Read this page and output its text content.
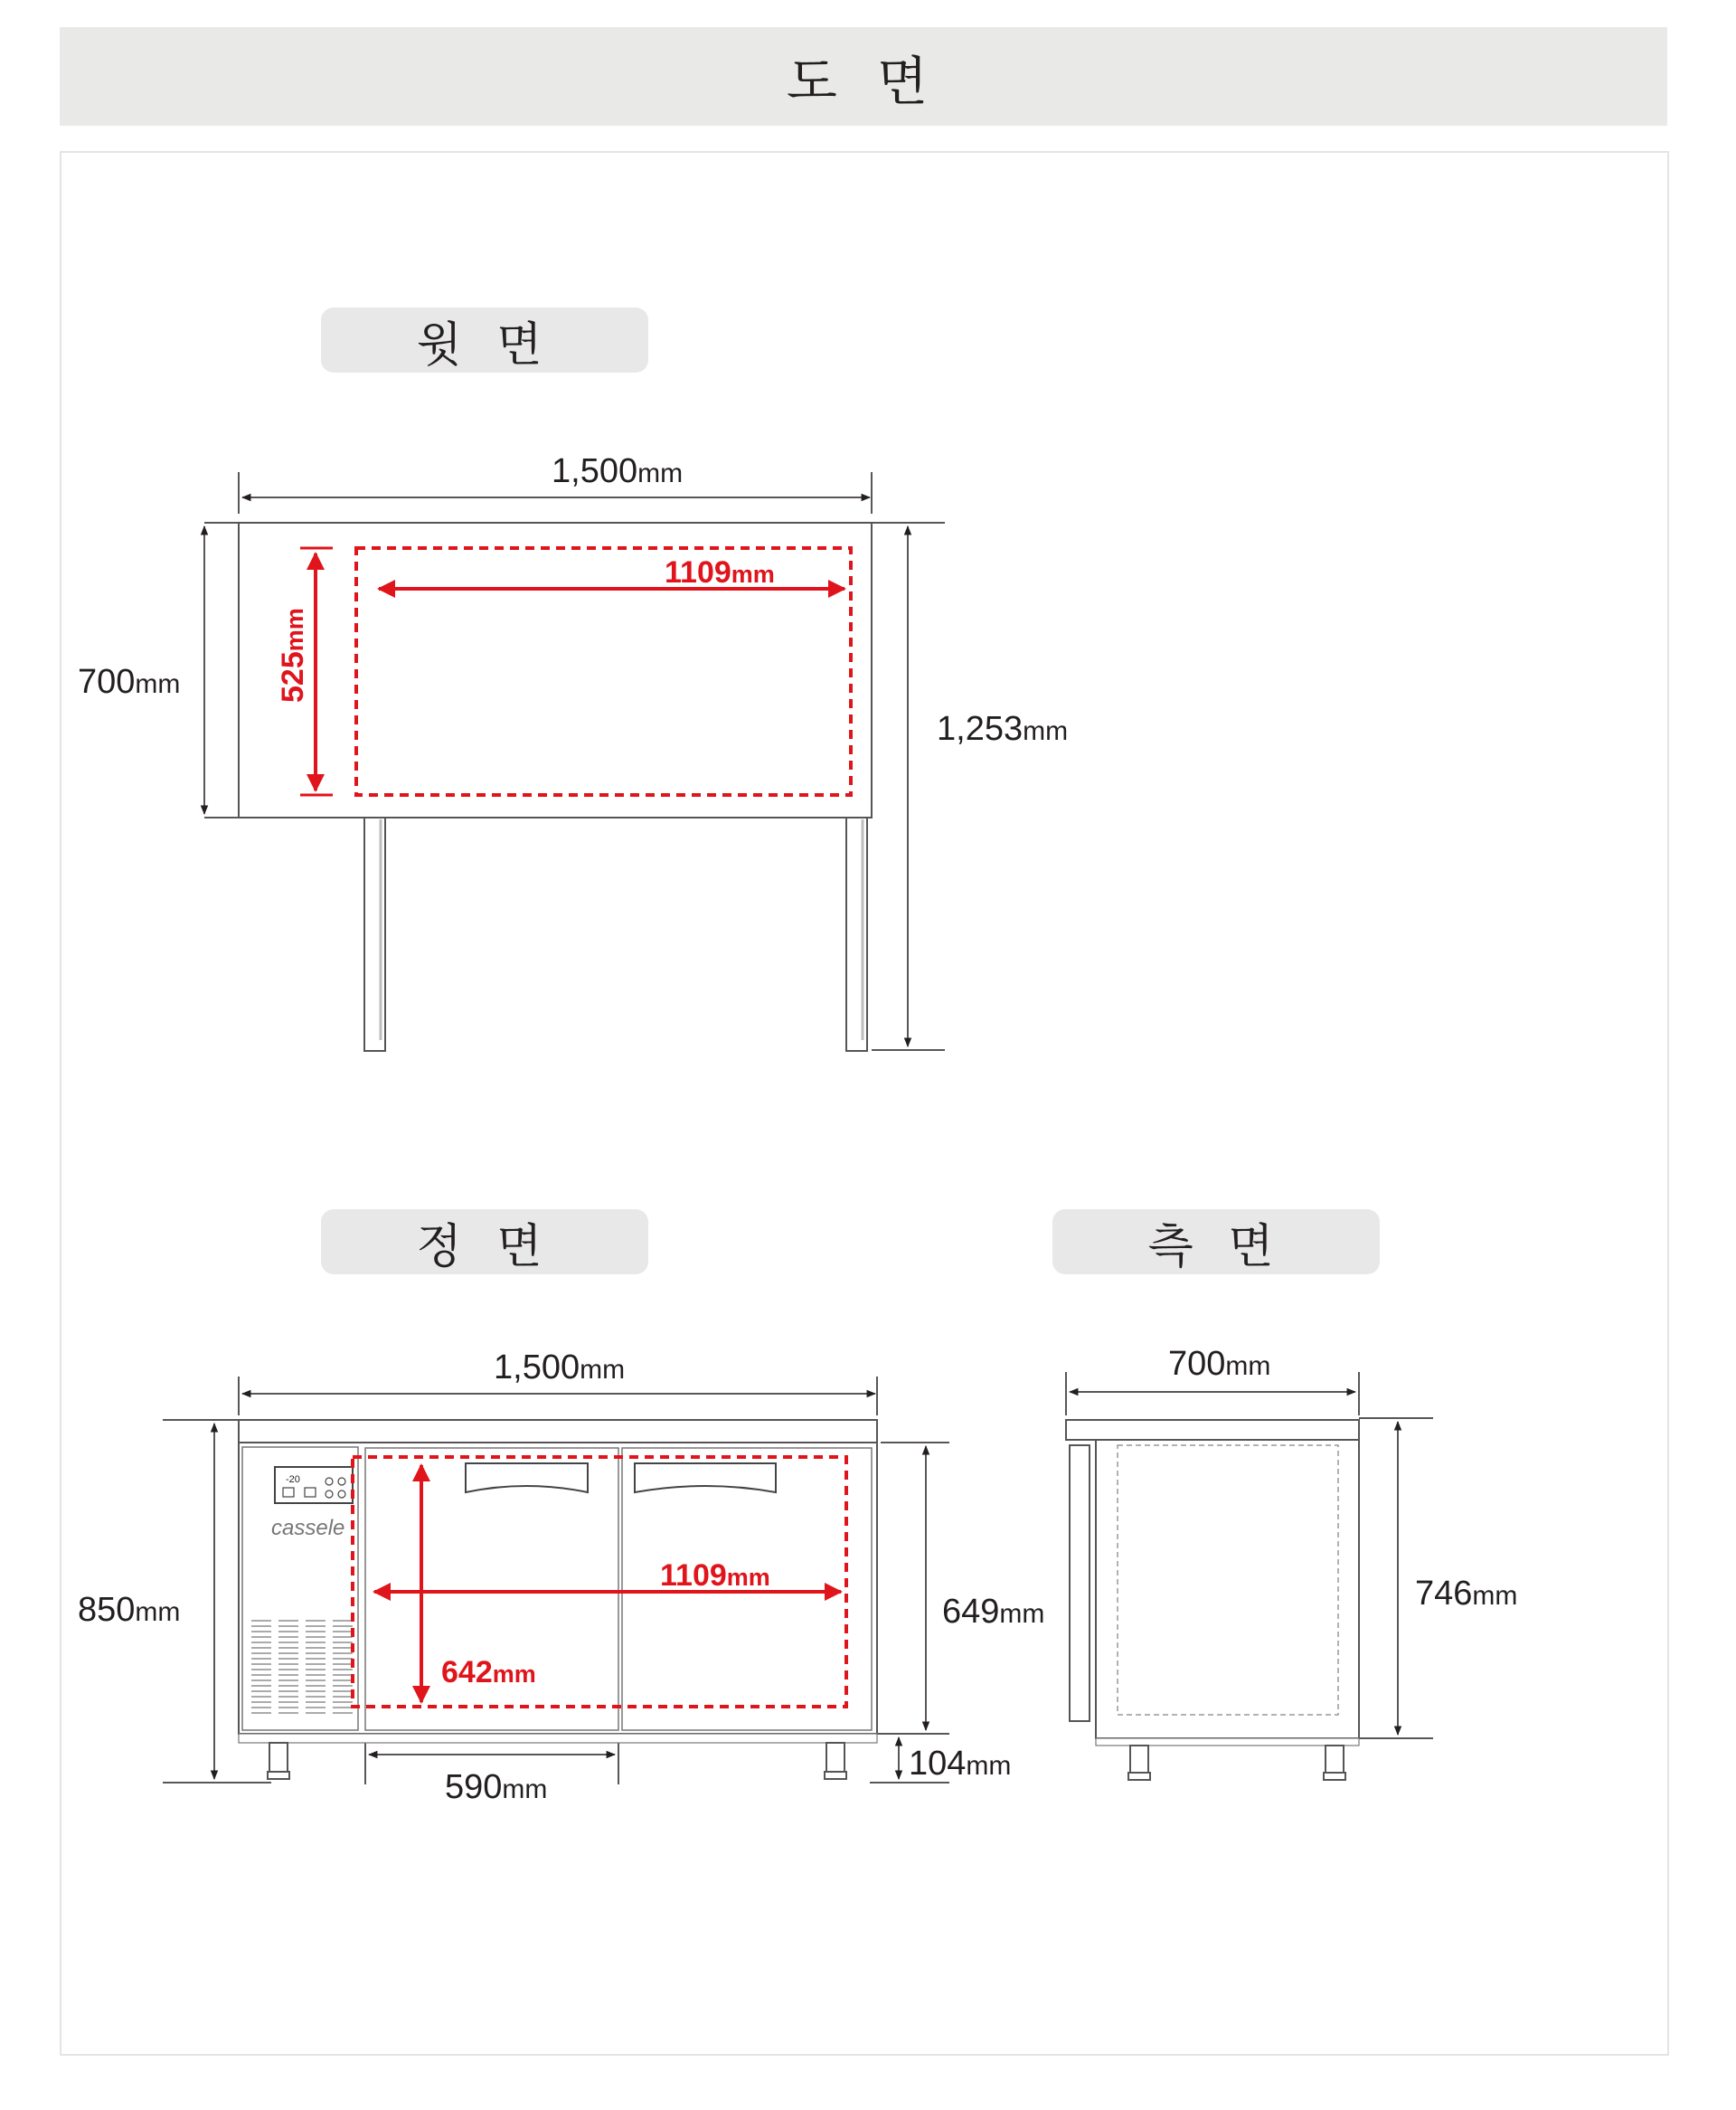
도 면
윗 면
정 면	측 면
1,500mm
700mm
1,253mm
1109mm
525mm
-20
cassele
1,500mm
850mm	649mm
104mm
590mm
1109mm
642mm
700mm
746mm
